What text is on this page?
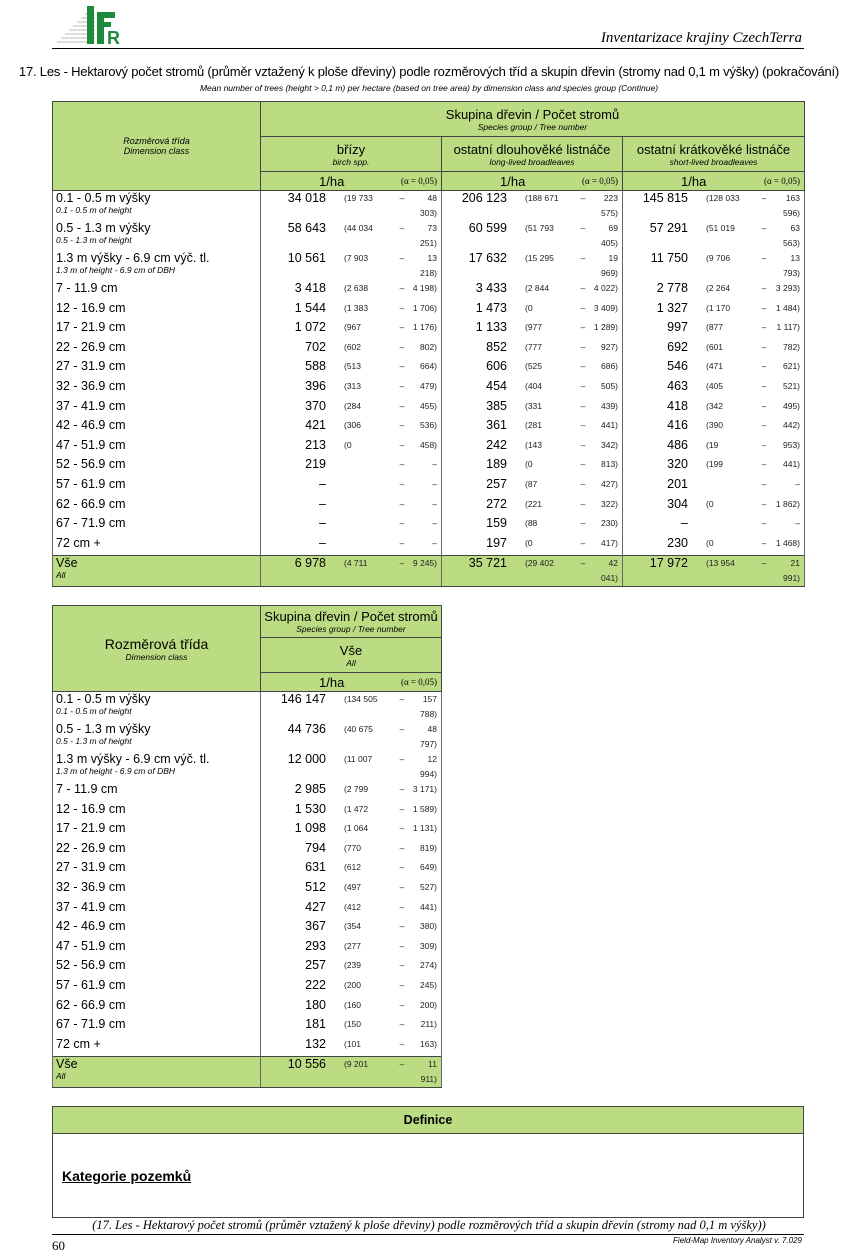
R	Inventarizace krajiny CzechTerra
17. Les - Hektarový počet stromů (průměr vztažený k ploše dřeviny) podle rozměrových tříd a skupin dřevin (stromy nad 0,1 m výšky) (pokračování)
Mean number of trees (height > 0,1 m) per hectare (based on tree area) by dimension class and species group (Continue)
Rozměrová třída
Dimension class

Skupina dřevin / Počet stromů
Species group / Tree number

břízy
birch spp.

ostatní dlouhověké listnáče
long-lived broadleaves

ostatní krátkověké listnáče
short-lived broadleaves

	1/ha (α = 0,05)	1/ha (α = 0,05)	1/ha (α = 0,05)

0.1 - 0.5 m výšky
0.1 - 0.5 m of height	34 018 (19 733 – 48 303)	206 123 (188 671 – 223 575)	145 815 (128 033 – 163 596)

0.5 - 1.3 m výšky
0.5 - 1.3 m of height	58 643 (44 034 – 73 251)	60 599 (51 793 – 69 405)	57 291 (51 019 – 63 563)

1.3 m výšky - 6.9 cm výč. tl.
1.3 m of height - 6.9 cm of DBH	10 561 (7 903 – 13 218)	17 632 (15 295 – 19 969)	11 750 (9 706 – 13 793)

7 - 11.9 cm	3 418 (2 638 – 4 198)	3 433 (2 844 – 4 022)	2 778 (2 264 – 3 293)

12 - 16.9 cm	1 544 (1 383 – 1 706)	1 473 (0 – 3 409)	1 327 (1 170 – 1 484)

17 - 21.9 cm	1 072 (967 – 1 176)	1 133 (977 – 1 289)	997 (877 – 1 117)

22 - 26.9 cm	702 (602 – 802)	852 (777 – 927)	692 (601 – 782)

27 - 31.9 cm	588 (513 – 664)	606 (525 – 686)	546 (471 – 621)

32 - 36.9 cm	396 (313 – 479)	454 (404 – 505)	463 (405 – 521)

37 - 41.9 cm	370 (284 – 455)	385 (331 – 439)	418 (342 – 495)

42 - 46.9 cm	421 (306 – 536)	361 (281 – 441)	416 (390 – 442)

47 - 51.9 cm	213 (0 – 458)	242 (143 – 342)	486 (19 – 953)

52 - 56.9 cm	219 – –	189 (0 – 813)	320 (199 – 441)

57 - 61.9 cm	– – –	257 (87 – 427)	201 – –

62 - 66.9 cm	– – –	272 (221 – 322)	304 (0 – 1 862)

67 - 71.9 cm	– – –	159 (88 – 230)	– – –

72 cm +	– – –	197 (0 – 417)	230 (0 – 1 468)

Vše
All	6 978 (4 711 – 9 245)	35 721 (29 402 – 42 041)	17 972 (13 954 – 21 991)
Rozměrová třída
Dimension class

Skupina dřevin / Počet stromů
Species group / Tree number

	Vše
All

	1/ha (α = 0,05)

0.1 - 0.5 m výšky
0.1 - 0.5 m of height	146 147 (134 505 – 157 788)

0.5 - 1.3 m výšky
0.5 - 1.3 m of height	44 736 (40 675 – 48 797)

1.3 m výšky - 6.9 cm výč. tl.
1.3 m of height - 6.9 cm of DBH	12 000 (11 007 – 12 994)

7 - 11.9 cm	2 985 (2 799 – 3 171)

12 - 16.9 cm	1 530 (1 472 – 1 589)

17 - 21.9 cm	1 098 (1 064 – 1 131)

22 - 26.9 cm	794 (770 – 819)

27 - 31.9 cm	631 (612 – 649)

32 - 36.9 cm	512 (497 – 527)

37 - 41.9 cm	427 (412 – 441)

42 - 46.9 cm	367 (354 – 380)

47 - 51.9 cm	293 (277 – 309)

52 - 56.9 cm	257 (239 – 274)

57 - 61.9 cm	222 (200 – 245)

62 - 66.9 cm	180 (160 – 200)

67 - 71.9 cm	181 (150 – 211)

72 cm +	132 (101 – 163)

Vše
All	10 556 (9 201 – 11 911)
Definice
Kategorie pozemků
(17. Les - Hektarový počet stromů (průměr vztažený k ploše dřeviny) podle rozměrových tříd a skupin dřevin (stromy nad 0,1 m výšky))
60	Field-Map Inventory Analyst v. 7.029
